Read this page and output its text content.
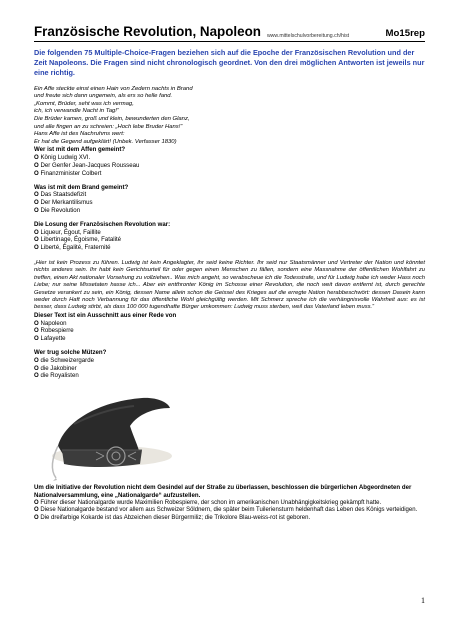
Französische Revolution, Napoleon www.mittelschulvorbereitung.ch/hist	Mo15rep
Die folgenden 75 Multiple-Choice-Fragen beziehen sich auf die Epoche der Französischen Revolution und der Zeit Napoleons. Die Fragen sind nicht chronologisch geordnet. Von den drei möglichen Antworten ist jeweils nur eine richtig.
Ein Affe steckte einst einen Hain von Zedern nachts in Brand
und freute sich dann ungemein, als ers so helle fand.
„Kommt, Brüder, seht was ich vermag,
ich, ich verwandle Nacht in Tag!“
Die Brüder kamen, groß und klein, bewunderten den Glanz,
und alle fingen an zu schreien: „Hoch lebe Bruder Hans!“
Hans Affe ist des Nachruhms wert:
Er hat die Gegend aufgeklärt! (Unbek. Verfasser 1830)
Wer ist mit dem Affen gemeint?
O König Ludwig XVI.
O Der Genfer Jean-Jacques Rousseau
O Finanzminister Colbert
Was ist mit dem Brand gemeint?
O Das Staatsdefizit
O Der Merkantilismus
O Die Revolution
Die Losung der Französischen Revolution war:
O Liqueur, Égout, Faillite
O Libertinage, Égoisme, Fatalité
O Liberté, Égalité, Fraternité
„Hier ist kein Prozess zu führen. Ludwig ist kein Angeklagter, ihr seid keine Richter. Ihr seid nur Staatsmänner und Vertreter der Nation und könntet nichts anderes sein. Ihr habt kein Gerichtsurteil für oder gegen einen Menschen zu fällen, sondern eine Massnahme der öffentlichen Wohlfahrt zu treffen, einen Akt nationaler Vorsehung zu vollziehen.. Was mich angeht, so verabscheue ich die Todesstrafe, und für Ludwig habe ich weder Hass noch Liebe; nur seine Missetaten hasse ich... Aber ein entthronter König im Schosse einer Revolution, die noch weit davon entfernt ist, durch gerechte Gesetze verankert zu sein, ein König, dessen Name allein schon die Geissel des Krieges auf die erregte Nation herabbeschwört: dessen Dasein kann weder durch Haft noch Verbannung für das öffentliche Wohl gleichgültig werden. Mit Schmerz spreche ich die verhängnisvolle Wahrheit aus: es ist besser, dass Ludwig stirbt, als dass 100 000 tugendhafte Bürger umkommen: Ludwig muss sterben, weil das Vaterland leben muss.“
Dieser Text ist ein Ausschnitt aus einer Rede von
O Napoleon
O Robespierre
O Lafayette
Wer trug solche Mützen?
O die Schweizergarde
O die Jakobiner
O die Royalisten
Um die Initiative der Revolution nicht dem Gesindel auf der Straße zu überlassen, beschlossen die bürgerlichen Abgeordneten der Nationalversammlung, eine „Nationalgarde“ aufzustellen.
O Führer dieser Nationalgarde wurde Maximilien Robespierre, der schon im amerikanischen Unabhängigkeitskrieg gekämpft hatte.
O Diese Nationalgarde bestand vor allem aus Schweizer Söldnern, die später beim Tuileriensturm heldenhaft das Leben des Königs verteidigen.
O Die dreifarbige Kokarde ist das Abzeichen dieser Bürgermiliz; die Trikolore Blau-weiss-rot ist geboren.
1
